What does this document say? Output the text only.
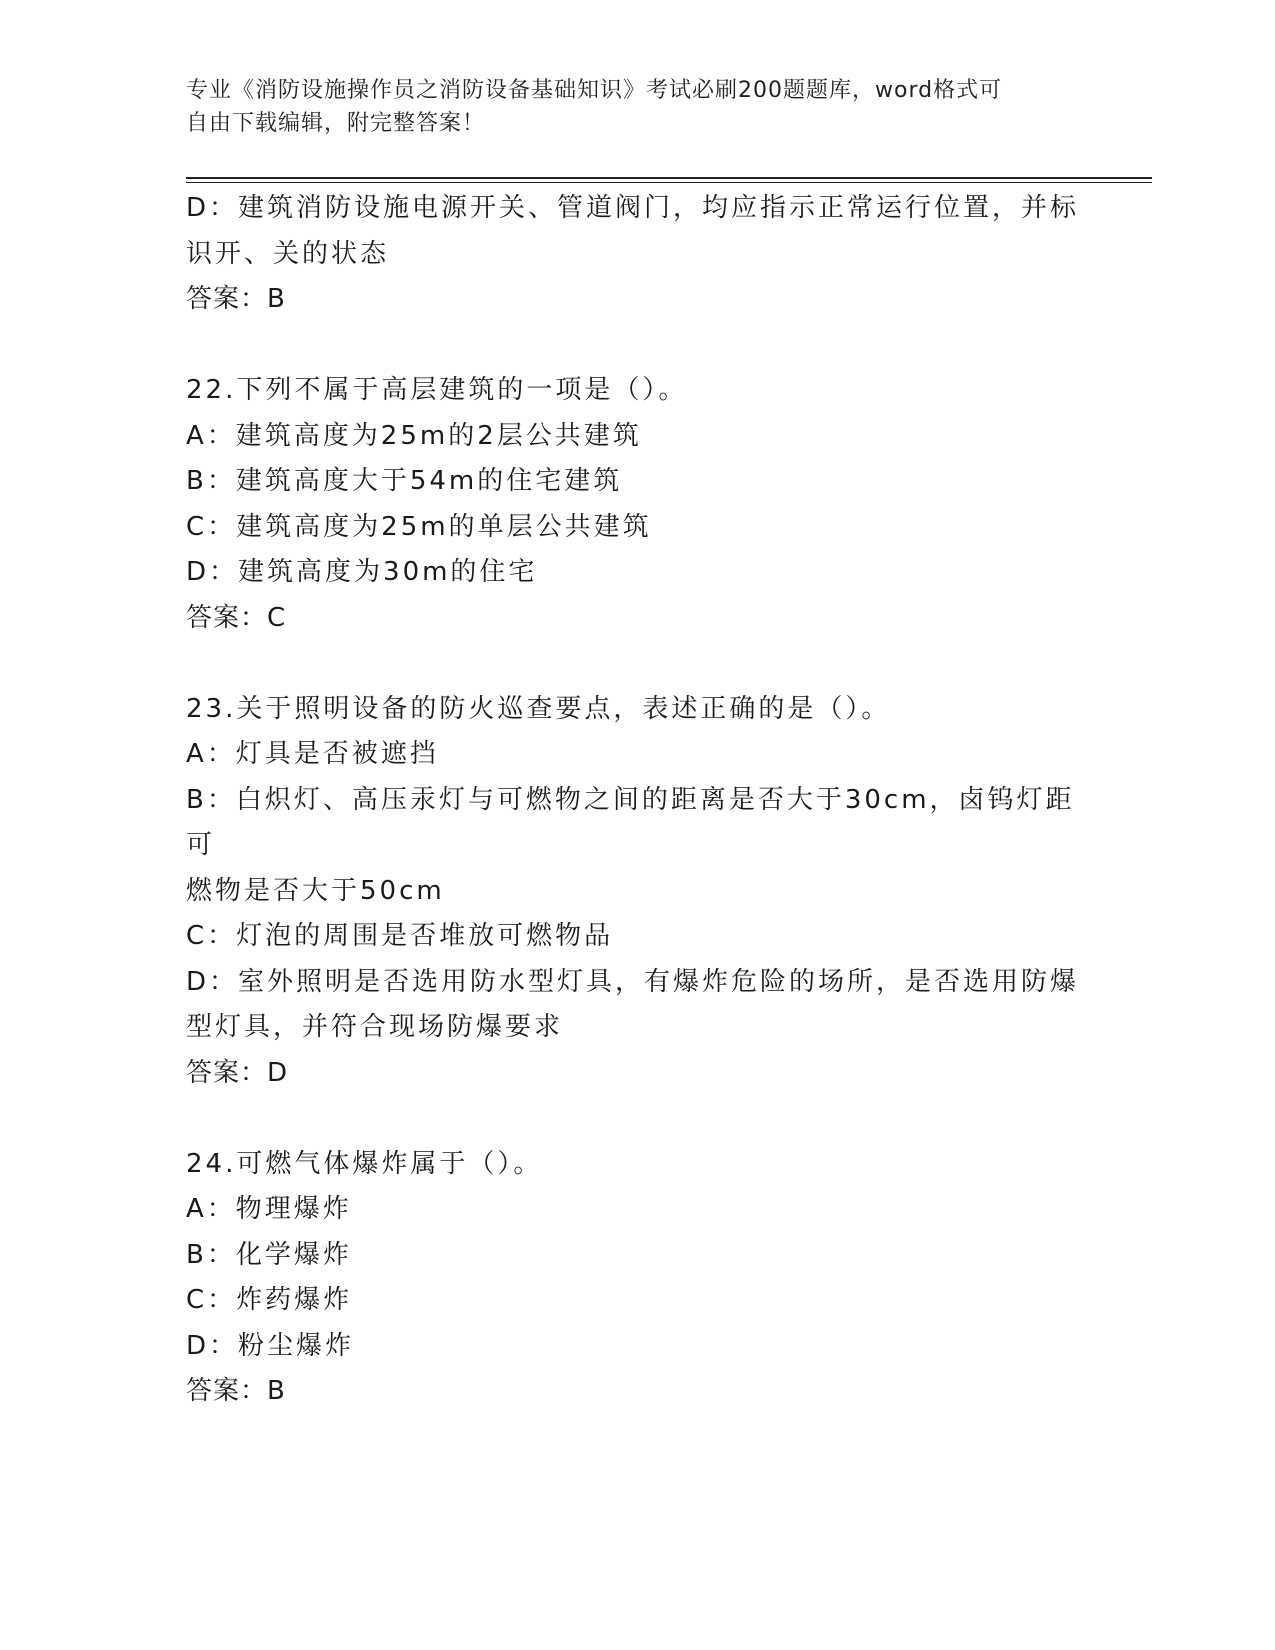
专业《消防设施操作员之消防设备基础知识》考试必刷200题题库，word格式可
自由下载编辑，附完整答案！

D：建筑消防设施电源开关、管道阀门，均应指示正常运行位置，并标

识开、关的状态

答案：B

22.下列不属于高层建筑的一项是（）。

A：建筑高度为25m的2层公共建筑

B：建筑高度大于54m的住宅建筑

C：建筑高度为25m的单层公共建筑

D：建筑高度为30m的住宅

答案：C

23.关于照明设备的防火巡查要点，表述正确的是（）。

A：灯具是否被遮挡

B：白炽灯、高压汞灯与可燃物之间的距离是否大于30cm，卤钨灯距可

燃物是否大于50cm

C：灯泡的周围是否堆放可燃物品

D：室外照明是否选用防水型灯具，有爆炸危险的场所，是否选用防爆

型灯具，并符合现场防爆要求

答案：D

24.可燃气体爆炸属于（）。

A：物理爆炸

B：化学爆炸

C：炸药爆炸

D：粉尘爆炸

答案：B
